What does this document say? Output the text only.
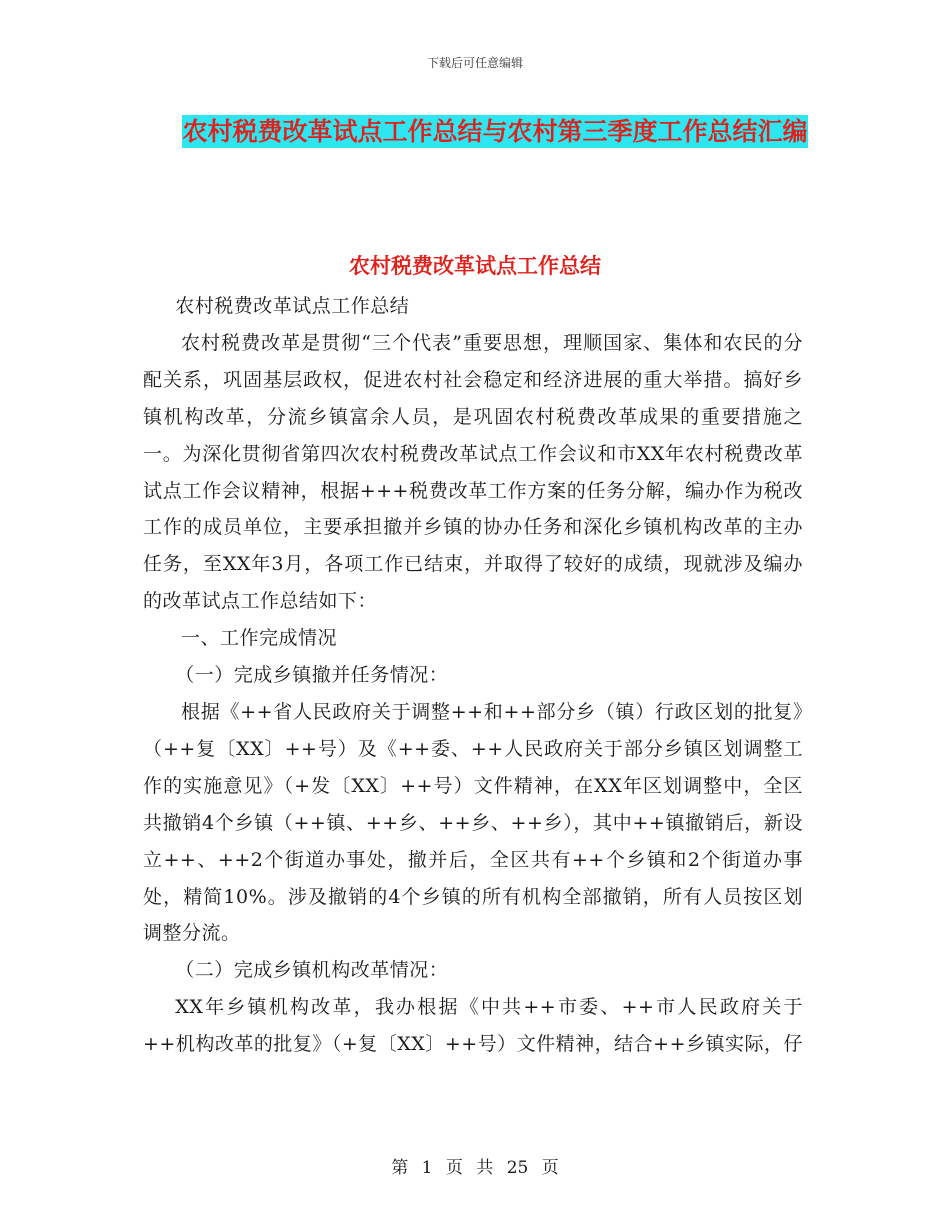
下载后可任意编辑
农村税费改革试点工作总结与农村第三季度工作总结汇编
农村税费改革试点工作总结

农村税费改革试点工作总结

农村税费改革是贯彻“三个代表”重要思想，理顺国家、集体和农民的分配关系，巩固基层政权，促进农村社会稳定和经济进展的重大举措。搞好乡镇机构改革，分流乡镇富余人员，是巩固农村税费改革成果的重要措施之一。为深化贯彻省第四次农村税费改革试点工作会议和市XX年农村税费改革试点工作会议精神，根据+++税费改革工作方案的任务分解，编办作为税改工作的成员单位，主要承担撤并乡镇的协办任务和深化乡镇机构改革的主办任务，至XX年3月，各项工作已结束，并取得了较好的成绩，现就涉及编办的改革试点工作总结如下：

一、工作完成情况

（一）完成乡镇撤并任务情况：

根据《++省人民政府关于调整++和++部分乡（镇）行政区划的批复》（++复〔XX〕++号）及《++委、++人民政府关于部分乡镇区划调整工作的实施意见》（+发〔XX〕++号）文件精神，在XX年区划调整中，全区共撤销4个乡镇（++镇、++乡、++乡、++乡），其中++镇撤销后，新设立++、++2个街道办事处，撤并后，全区共有++个乡镇和2个街道办事处，精简10%。涉及撤销的4个乡镇的所有机构全部撤销，所有人员按区划调整分流。

（二）完成乡镇机构改革情况：

XX年乡镇机构改革，我办根据《中共++市委、++市人民政府关于++机构改革的批复》（+复〔XX〕++号）文件精神，结合++乡镇实际，仔

第 1 页 共 25 页
